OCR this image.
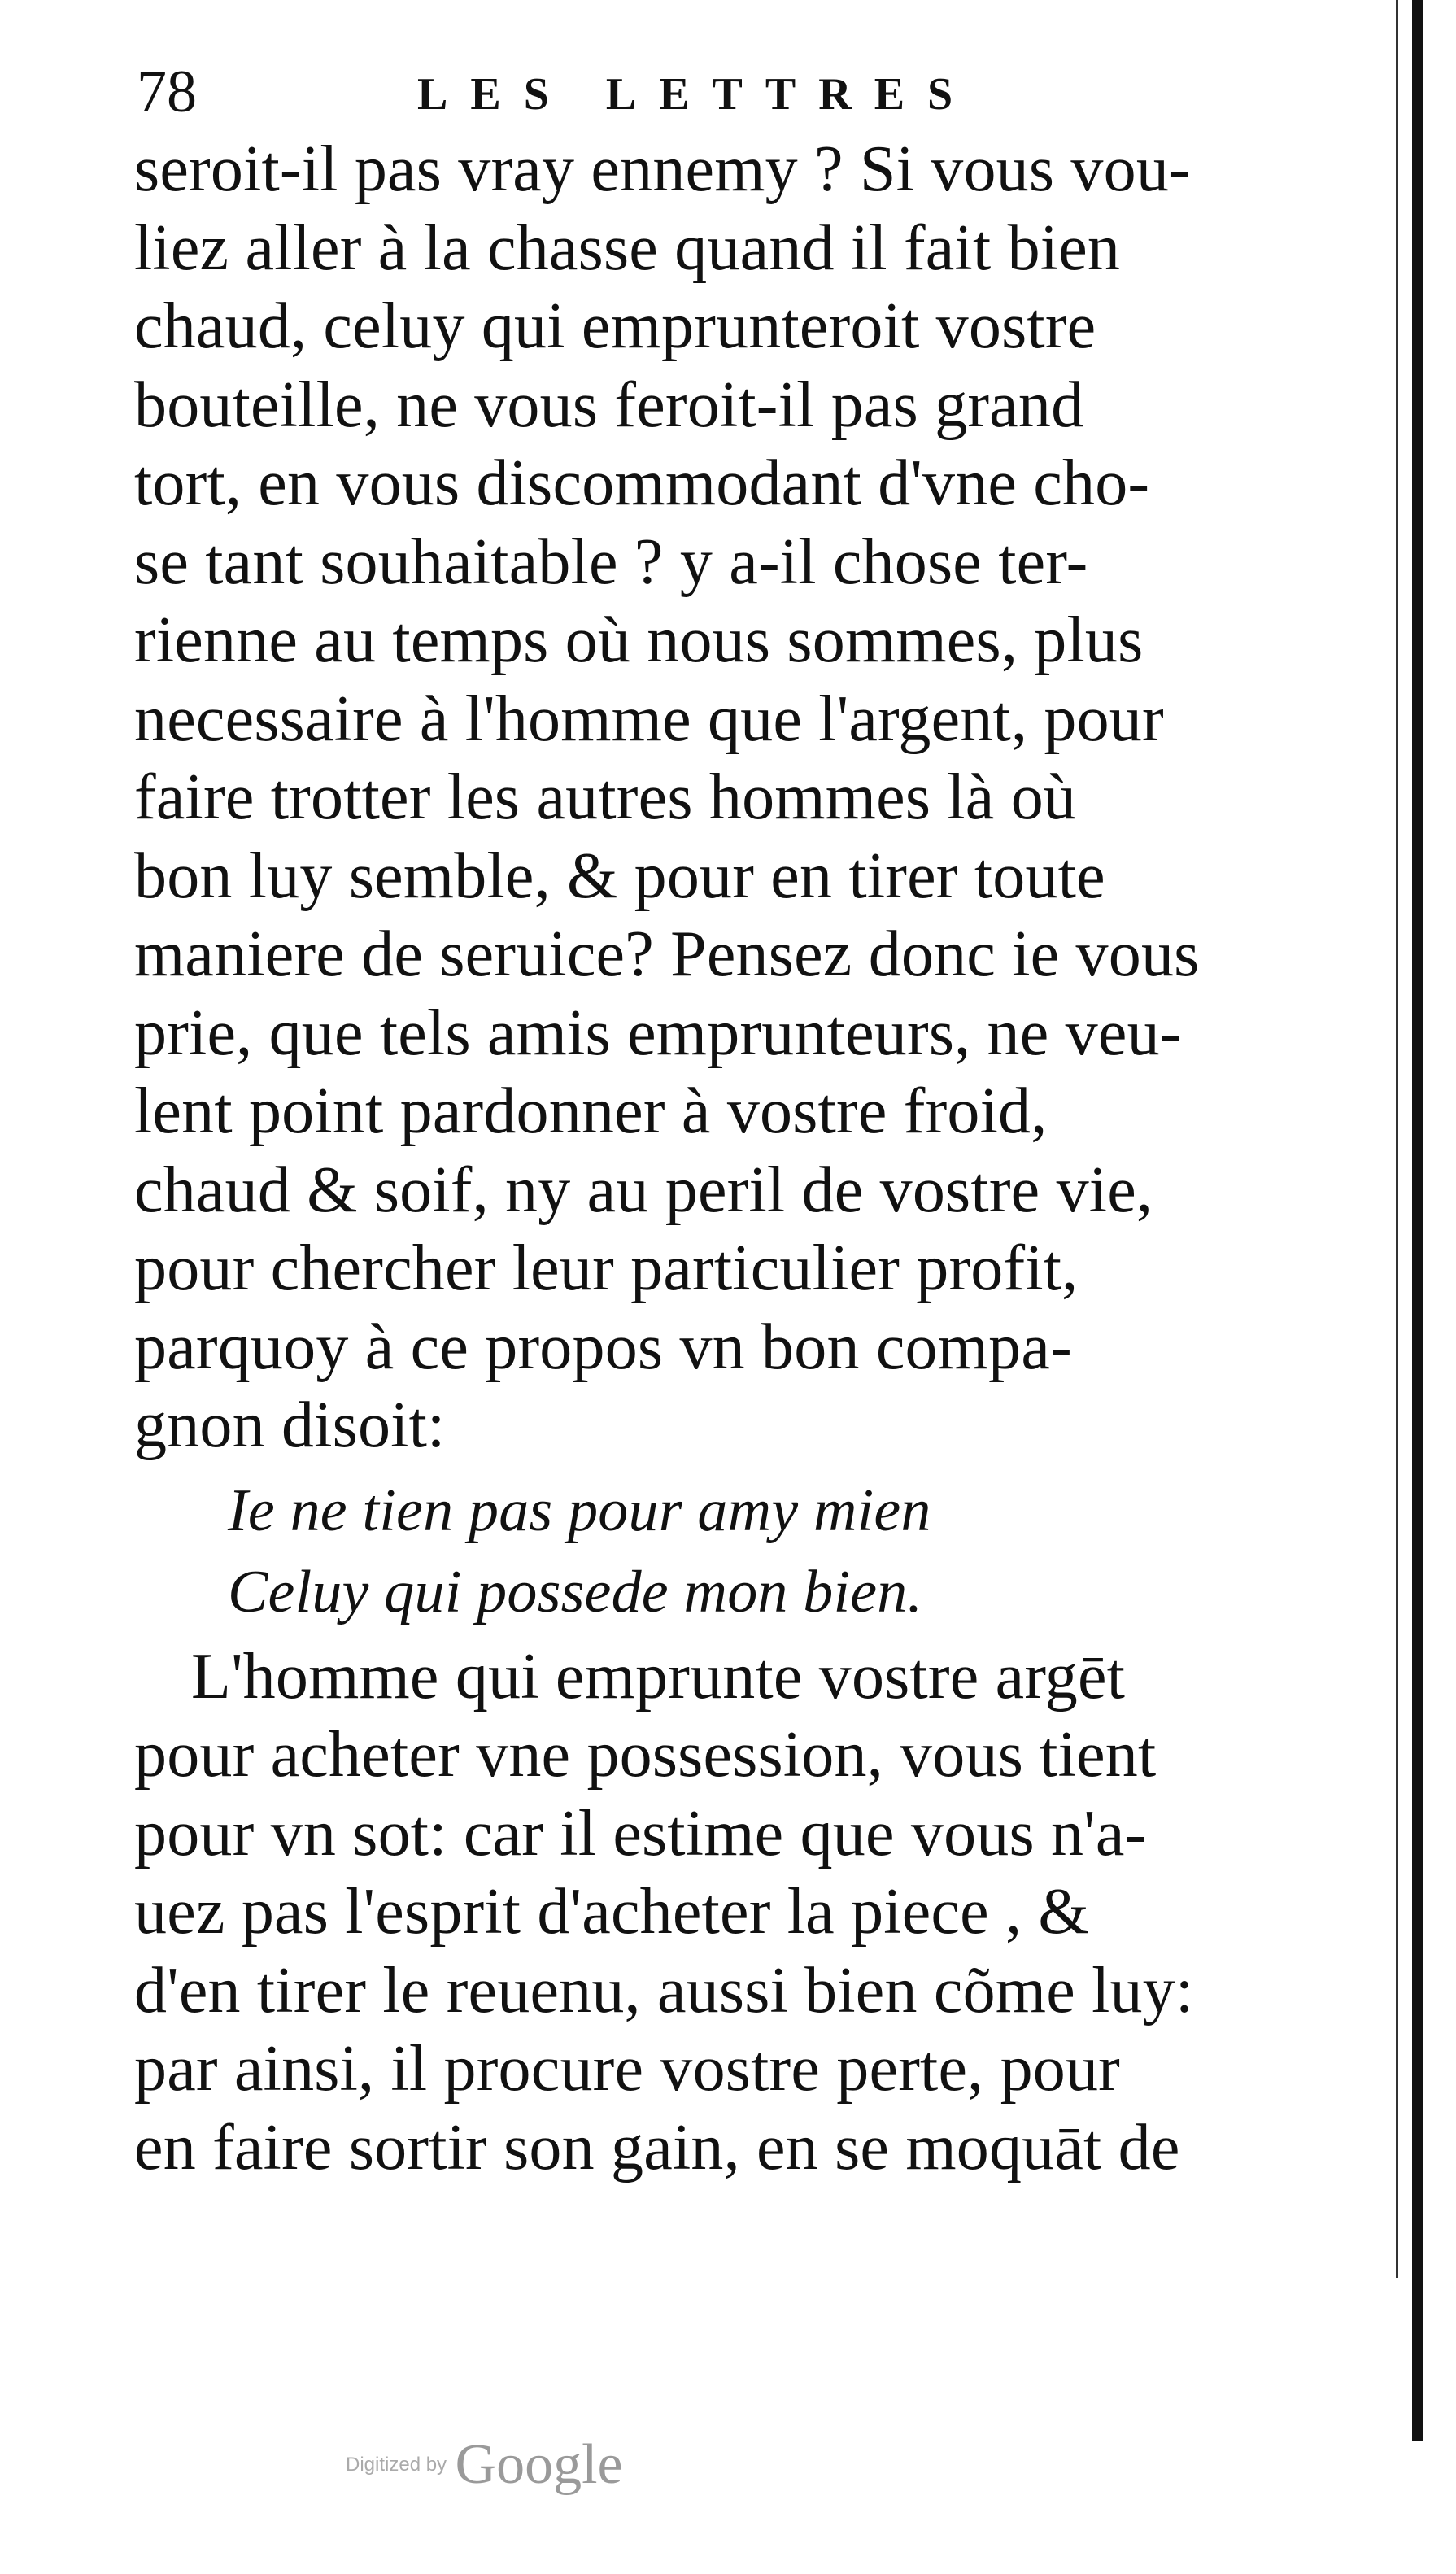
78	LES LETTRES
seroit-il pas vray ennemy ? Si vous vou-
liez aller à la chasse quand il fait bien
chaud, celuy qui emprunteroit vostre
bouteille, ne vous feroit-il pas grand
tort, en vous discommodant d'vne cho-
se tant souhaitable ? y a-il chose ter-
rienne au temps où nous sommes, plus
necessaire à l'homme que l'argent, pour
faire trotter les autres hommes là où
bon luy semble, & pour en tirer toute
maniere de seruice? Pensez donc ie vous
prie, que tels amis emprunteurs, ne veu-
lent point pardonner à vostre froid,
chaud & soif, ny au peril de vostre vie,
pour chercher leur particulier profit,
parquoy à ce propos vn bon compa-
gnon disoit:
Ie ne tien pas pour amy mien
Celuy qui possede mon bien.
L'homme qui emprunte vostre argēt
pour acheter vne possession, vous tient
pour vn sot: car il estime que vous n'a-
uez pas l'esprit d'acheter la piece , &
d'en tirer le reuenu, aussi bien cõme luy:
par ainsi, il procure vostre perte, pour
en faire sortir son gain, en se moquāt de
Digitized by Google
